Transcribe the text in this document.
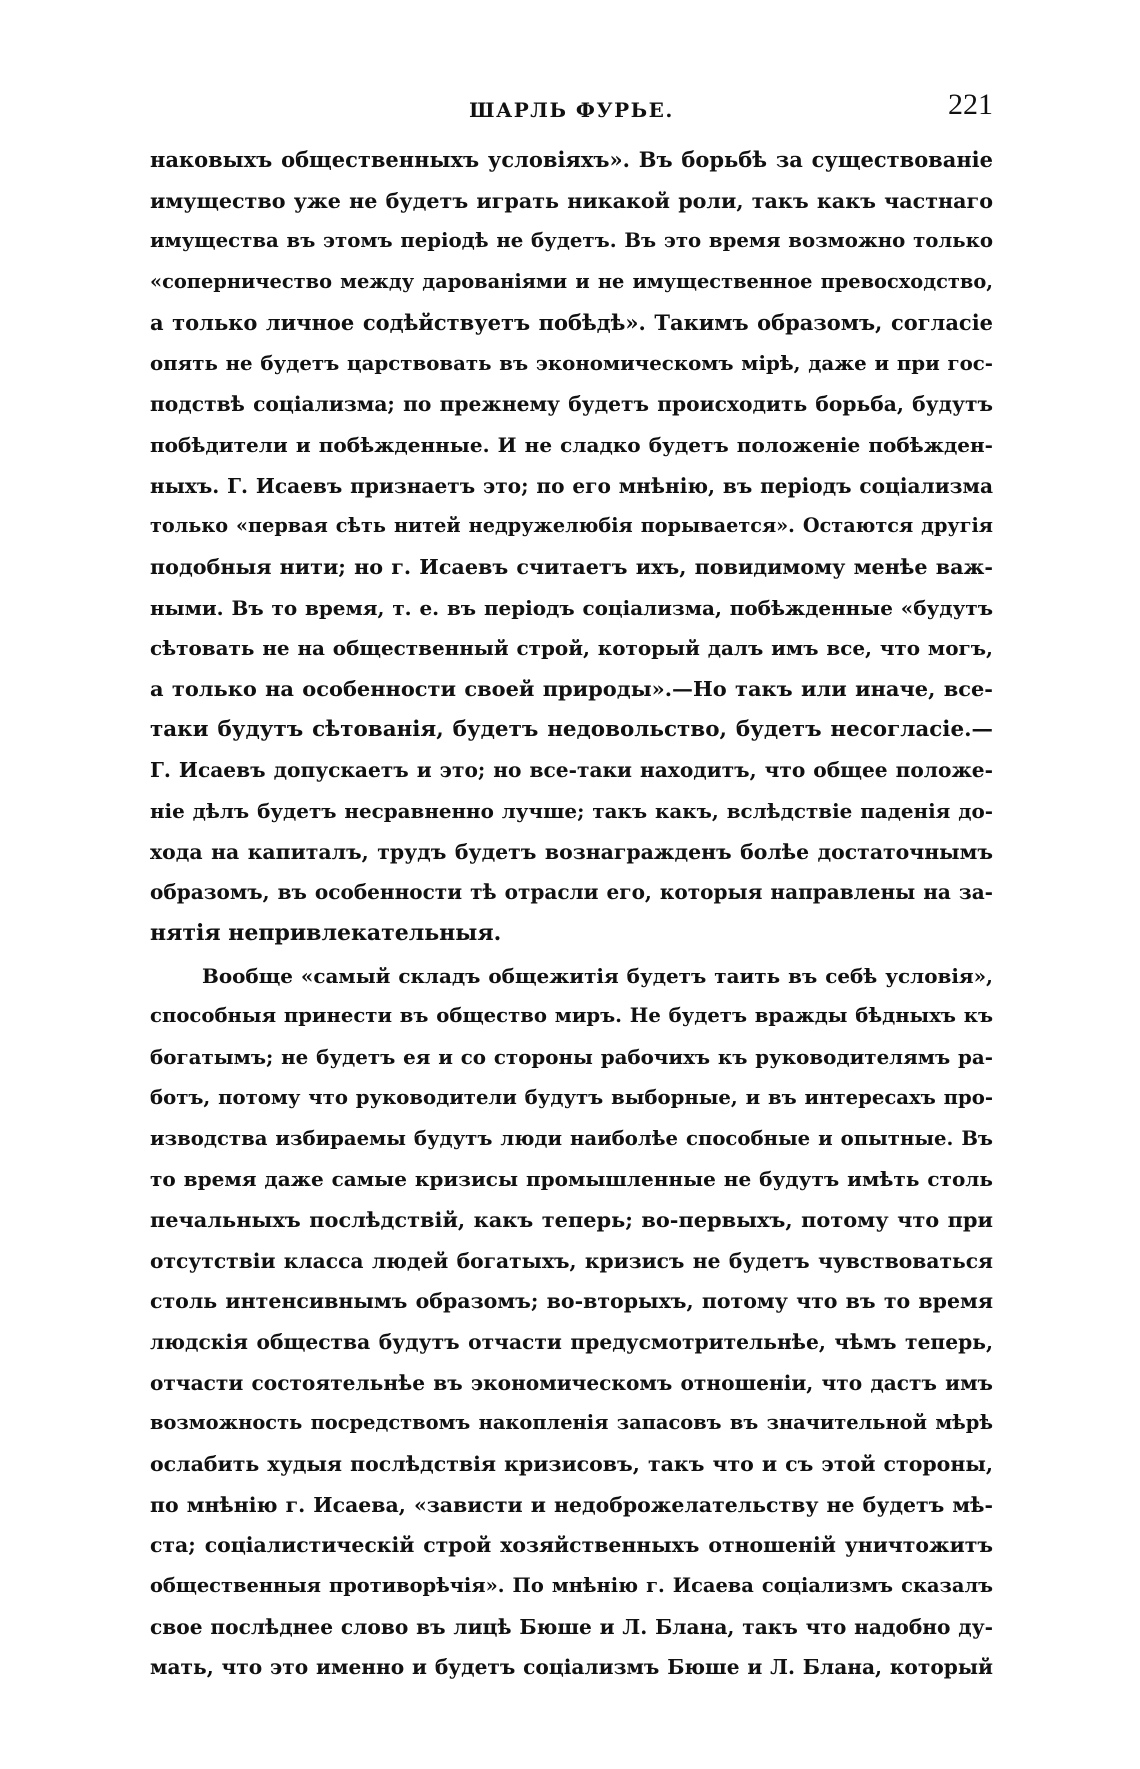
ШАРЛЬ ФУРЬЕ.	221
наковыхъ общественныхъ условіяхъ». Въ борьбѣ за существованіе
имущество уже не будетъ играть никакой роли, такъ какъ частнаго
имущества въ этомъ періодѣ не будетъ. Въ это время возможно только
«соперничество между дарованіями и не имущественное превосходство,
а только личное содѣйствуетъ побѣдѣ». Такимъ образомъ, согласіе
опять не будетъ царствовать въ экономическомъ мірѣ, даже и при гос-
подствѣ соціализма; по прежнему будетъ происходить борьба, будутъ
побѣдители и побѣжденные. И не сладко будетъ положеніе побѣжден-
ныхъ. Г. Исаевъ признаетъ это; по его мнѣнію, въ періодъ соціализма
только «первая сѣть нитей недружелюбія порывается». Остаются другія
подобныя нити; но г. Исаевъ считаетъ ихъ, повидимому менѣе важ-
ными. Въ то время, т. е. въ періодъ соціализма, побѣжденные «будутъ
сѣтовать не на общественный строй, который далъ имъ все, что могъ,
а только на особенности своей природы».—Но такъ или иначе, все-
таки будутъ сѣтованія, будетъ недовольство, будетъ несогласіе.—
Г. Исаевъ допускаетъ и это; но все-таки находитъ, что общее положе-
ніе дѣлъ будетъ несравненно лучше; такъ какъ, вслѣдствіе паденія до-
хода на капиталъ, трудъ будетъ вознагражденъ болѣе достаточнымъ
образомъ, въ особенности тѣ отрасли его, которыя направлены на за-
нятія непривлекательныя.
Вообще «самый складъ общежитія будетъ таить въ себѣ условія»,
способныя принести въ общество миръ. Не будетъ вражды бѣдныхъ къ
богатымъ; не будетъ ея и со стороны рабочихъ къ руководителямъ ра-
ботъ, потому что руководители будутъ выборные, и въ интересахъ про-
изводства избираемы будутъ люди наиболѣе способные и опытные. Въ
то время даже самые кризисы промышленные не будутъ имѣть столь
печальныхъ послѣдствій, какъ теперь; во-первыхъ, потому что при
отсутствіи класса людей богатыхъ, кризисъ не будетъ чувствоваться
столь интенсивнымъ образомъ; во-вторыхъ, потому что въ то время
людскія общества будутъ отчасти предусмотрительнѣе, чѣмъ теперь,
отчасти состоятельнѣе въ экономическомъ отношеніи, что дастъ имъ
возможность посредствомъ накопленія запасовъ въ значительной мѣрѣ
ослабить худыя послѣдствія кризисовъ, такъ что и съ этой стороны,
по мнѣнію г. Исаева, «зависти и недоброжелательству не будетъ мѣ-
ста; соціалистическій строй хозяйственныхъ отношеній уничтожитъ
общественныя противорѣчія». По мнѣнію г. Исаева соціализмъ сказалъ
свое послѣднее слово въ лицѣ Бюше и Л. Блана, такъ что надобно ду-
мать, что это именно и будетъ соціализмъ Бюше и Л. Блана, который
